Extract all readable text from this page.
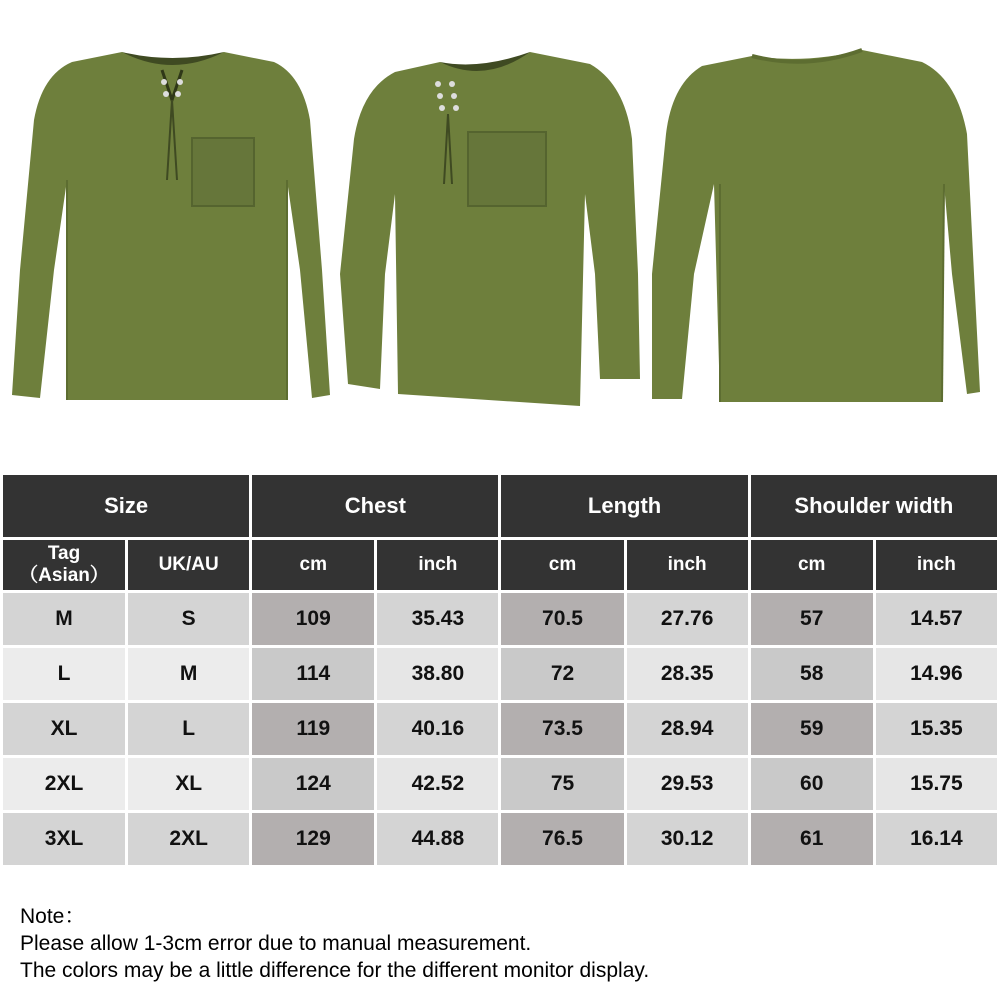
Size		Chest		Length		Shoulder width	
Tag
（Asian）	UK/AU	cm	inch	cm	inch	cm	inch
M	S	109	35.43	70.5	27.76	57	14.57
L	M	114	38.80	72	28.35	58	14.96
XL	L	119	40.16	73.5	28.94	59	15.35
2XL	XL	124	42.52	75	29.53	60	15.75
3XL	2XL	129	44.88	76.5	30.12	61	16.14
Note：
Please allow 1-3cm error due to manual measurement.
The colors may be a little difference for the different monitor display.
